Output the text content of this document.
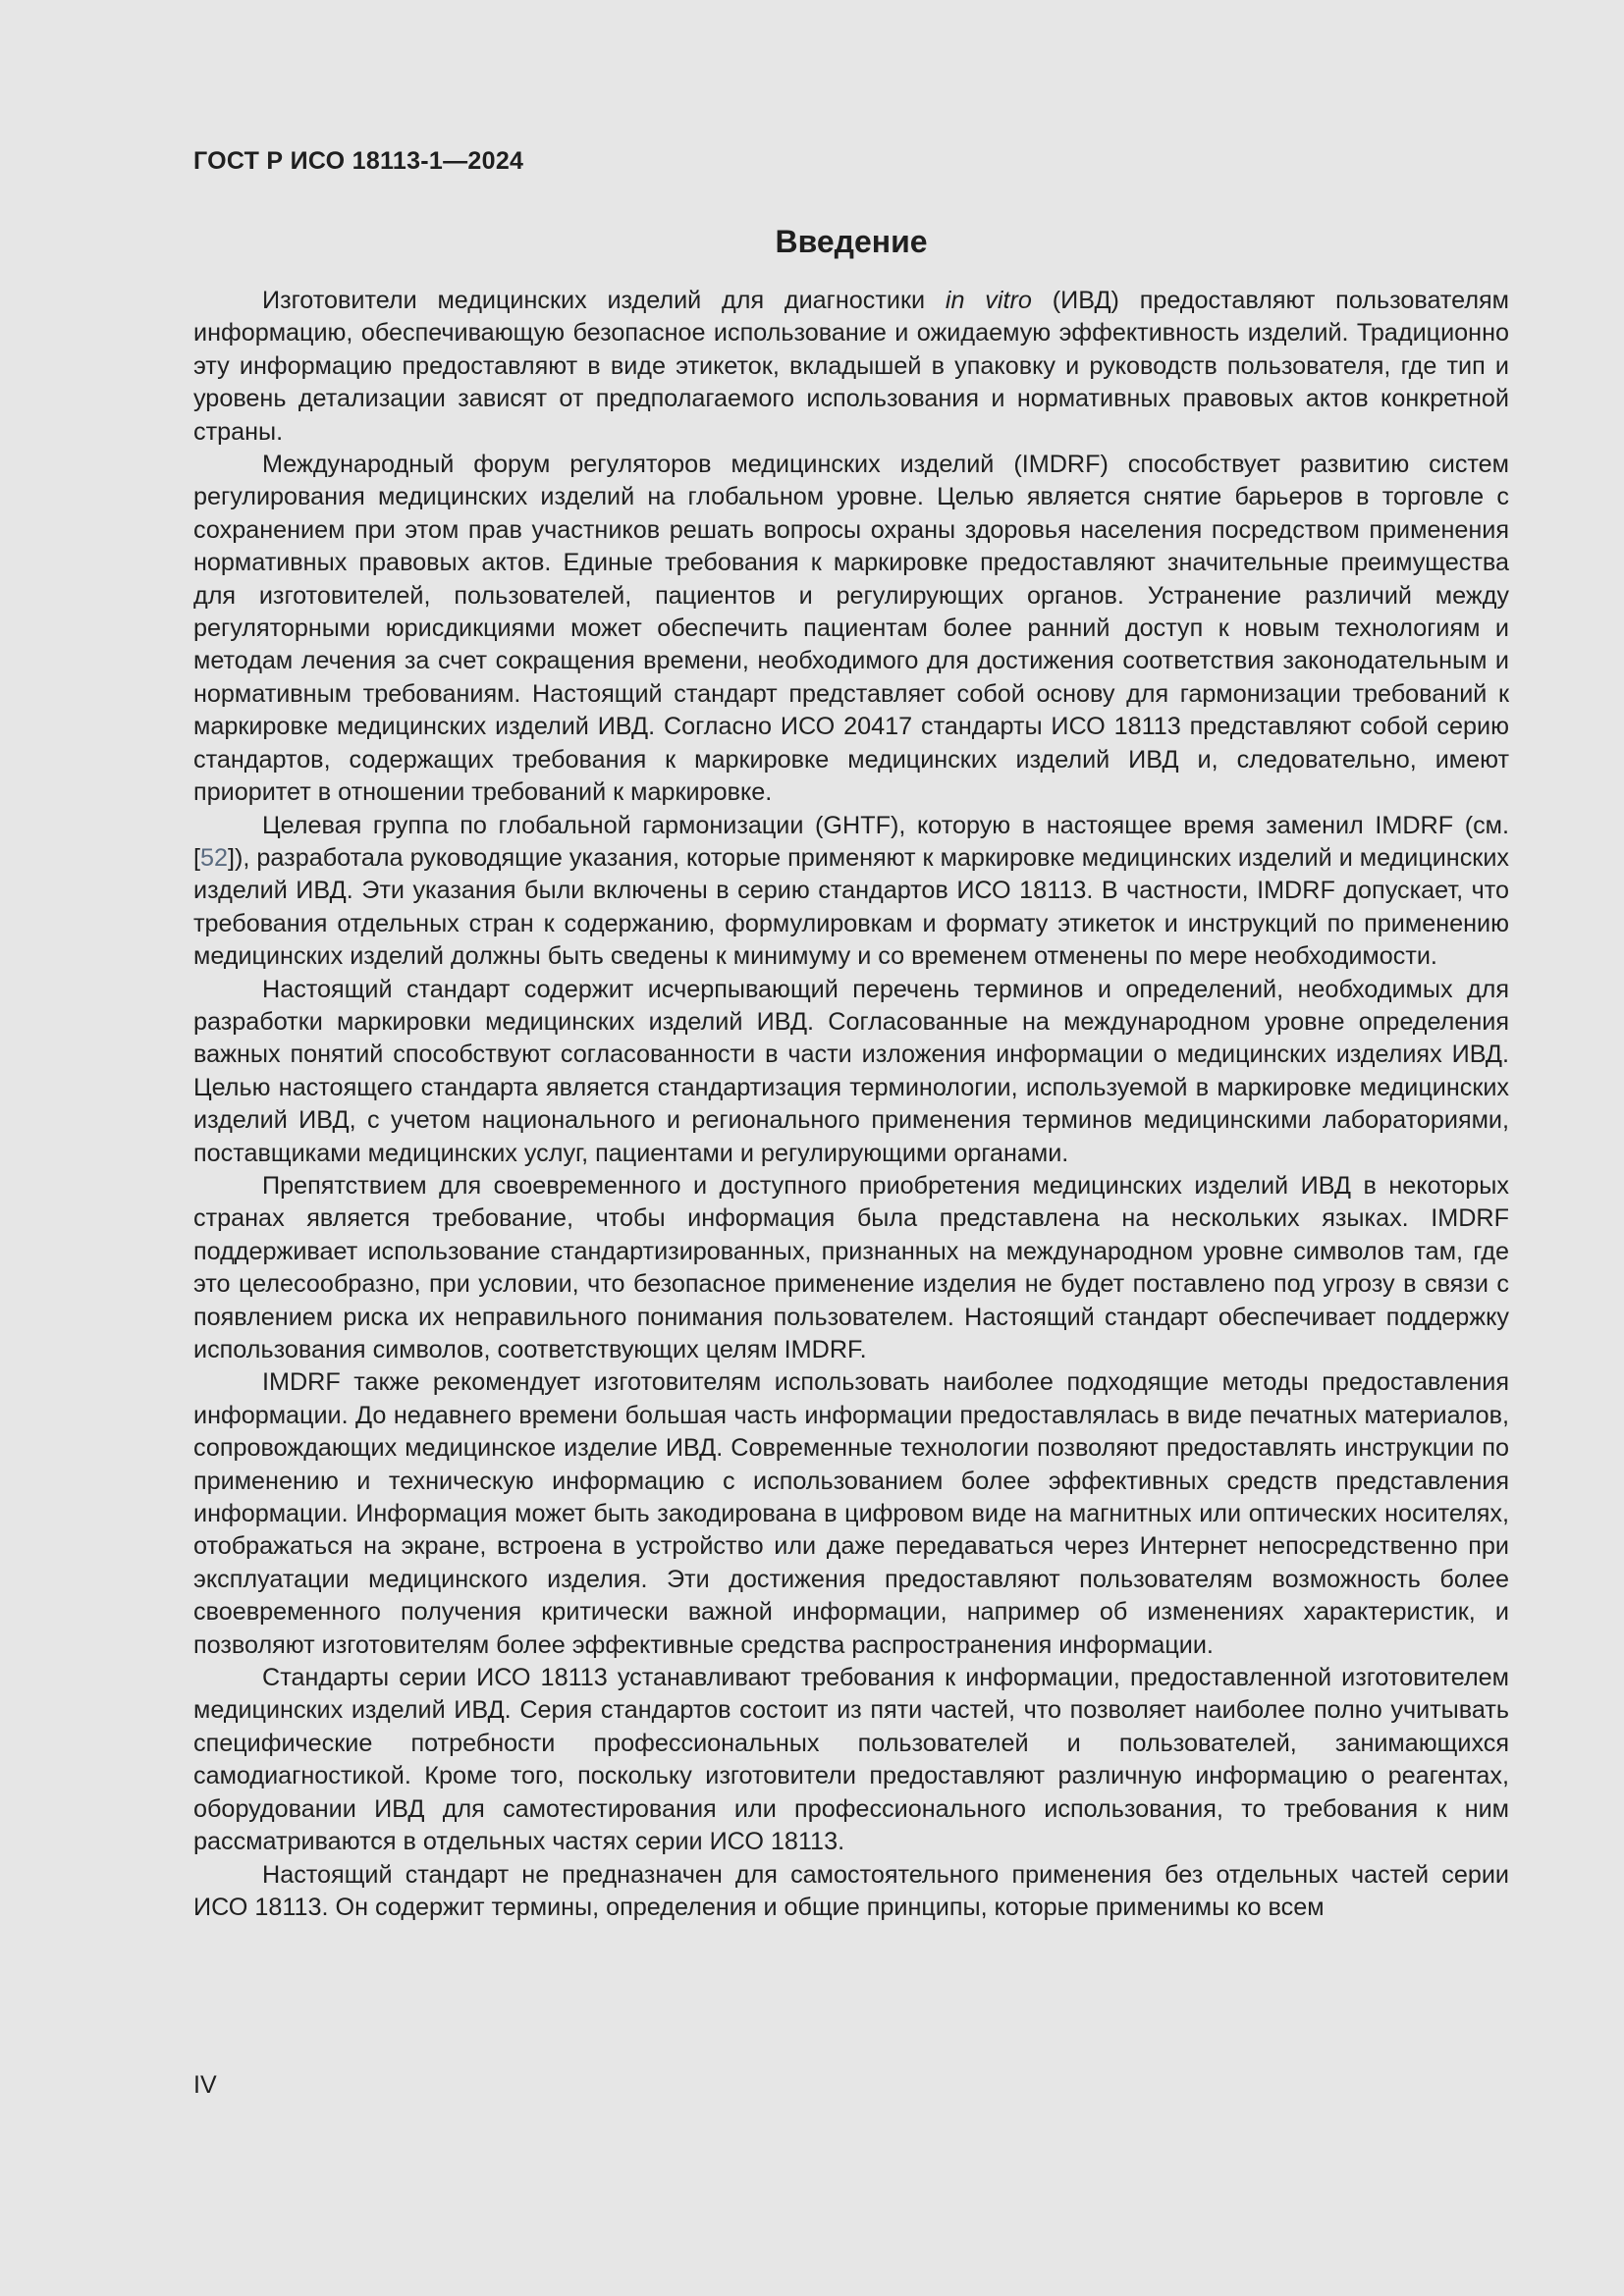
ГОСТ Р ИСО 18113-1—2024

Введение

Изготовители медицинских изделий для диагностики in vitro (ИВД) предоставляют пользователям информацию, обеспечивающую безопасное использование и ожидаемую эффективность изделий. Традиционно эту информацию предоставляют в виде этикеток, вкладышей в упаковку и руководств пользователя, где тип и уровень детализации зависят от предполагаемого использования и нормативных правовых актов конкретной страны.

Международный форум регуляторов медицинских изделий (IMDRF) способствует развитию систем регулирования медицинских изделий на глобальном уровне. Целью является снятие барьеров в торговле с сохранением при этом прав участников решать вопросы охраны здоровья населения посредством применения нормативных правовых актов. Единые требования к маркировке предоставляют значительные преимущества для изготовителей, пользователей, пациентов и регулирующих органов. Устранение различий между регуляторными юрисдикциями может обеспечить пациентам более ранний доступ к новым технологиям и методам лечения за счет сокращения времени, необходимого для достижения соответствия законодательным и нормативным требованиям. Настоящий стандарт представляет собой основу для гармонизации требований к маркировке медицинских изделий ИВД. Согласно ИСО 20417 стандарты ИСО 18113 представляют собой серию стандартов, содержащих требования к маркировке медицинских изделий ИВД и, следовательно, имеют приоритет в отношении требований к маркировке.

Целевая группа по глобальной гармонизации (GHTF), которую в настоящее время заменил IMDRF (см. [52]), разработала руководящие указания, которые применяют к маркировке медицинских изделий и медицинских изделий ИВД. Эти указания были включены в серию стандартов ИСО 18113. В частности, IMDRF допускает, что требования отдельных стран к содержанию, формулировкам и формату этикеток и инструкций по применению медицинских изделий должны быть сведены к минимуму и со временем отменены по мере необходимости.

Настоящий стандарт содержит исчерпывающий перечень терминов и определений, необходимых для разработки маркировки медицинских изделий ИВД. Согласованные на международном уровне определения важных понятий способствуют согласованности в части изложения информации о медицинских изделиях ИВД. Целью настоящего стандарта является стандартизация терминологии, используемой в маркировке медицинских изделий ИВД, с учетом национального и регионального применения терминов медицинскими лабораториями, поставщиками медицинских услуг, пациентами и регулирующими органами.

Препятствием для своевременного и доступного приобретения медицинских изделий ИВД в некоторых странах является требование, чтобы информация была представлена на нескольких языках. IMDRF поддерживает использование стандартизированных, признанных на международном уровне символов там, где это целесообразно, при условии, что безопасное применение изделия не будет поставлено под угрозу в связи с появлением риска их неправильного понимания пользователем. Настоящий стандарт обеспечивает поддержку использования символов, соответствующих целям IMDRF.

IMDRF также рекомендует изготовителям использовать наиболее подходящие методы предоставления информации. До недавнего времени большая часть информации предоставлялась в виде печатных материалов, сопровождающих медицинское изделие ИВД. Современные технологии позволяют предоставлять инструкции по применению и техническую информацию с использованием более эффективных средств представления информации. Информация может быть закодирована в цифровом виде на магнитных или оптических носителях, отображаться на экране, встроена в устройство или даже передаваться через Интернет непосредственно при эксплуатации медицинского изделия. Эти достижения предоставляют пользователям возможность более своевременного получения критически важной информации, например об изменениях характеристик, и позволяют изготовителям более эффективные средства распространения информации.

Стандарты серии ИСО 18113 устанавливают требования к информации, предоставленной изготовителем медицинских изделий ИВД. Серия стандартов состоит из пяти частей, что позволяет наиболее полно учитывать специфические потребности профессиональных пользователей и пользователей, занимающихся самодиагностикой. Кроме того, поскольку изготовители предоставляют различную информацию о реагентах, оборудовании ИВД для самотестирования или профессионального использования, то требования к ним рассматриваются в отдельных частях серии ИСО 18113.

Настоящий стандарт не предназначен для самостоятельного применения без отдельных частей серии ИСО 18113. Он содержит термины, определения и общие принципы, которые применимы ко всем

IV
